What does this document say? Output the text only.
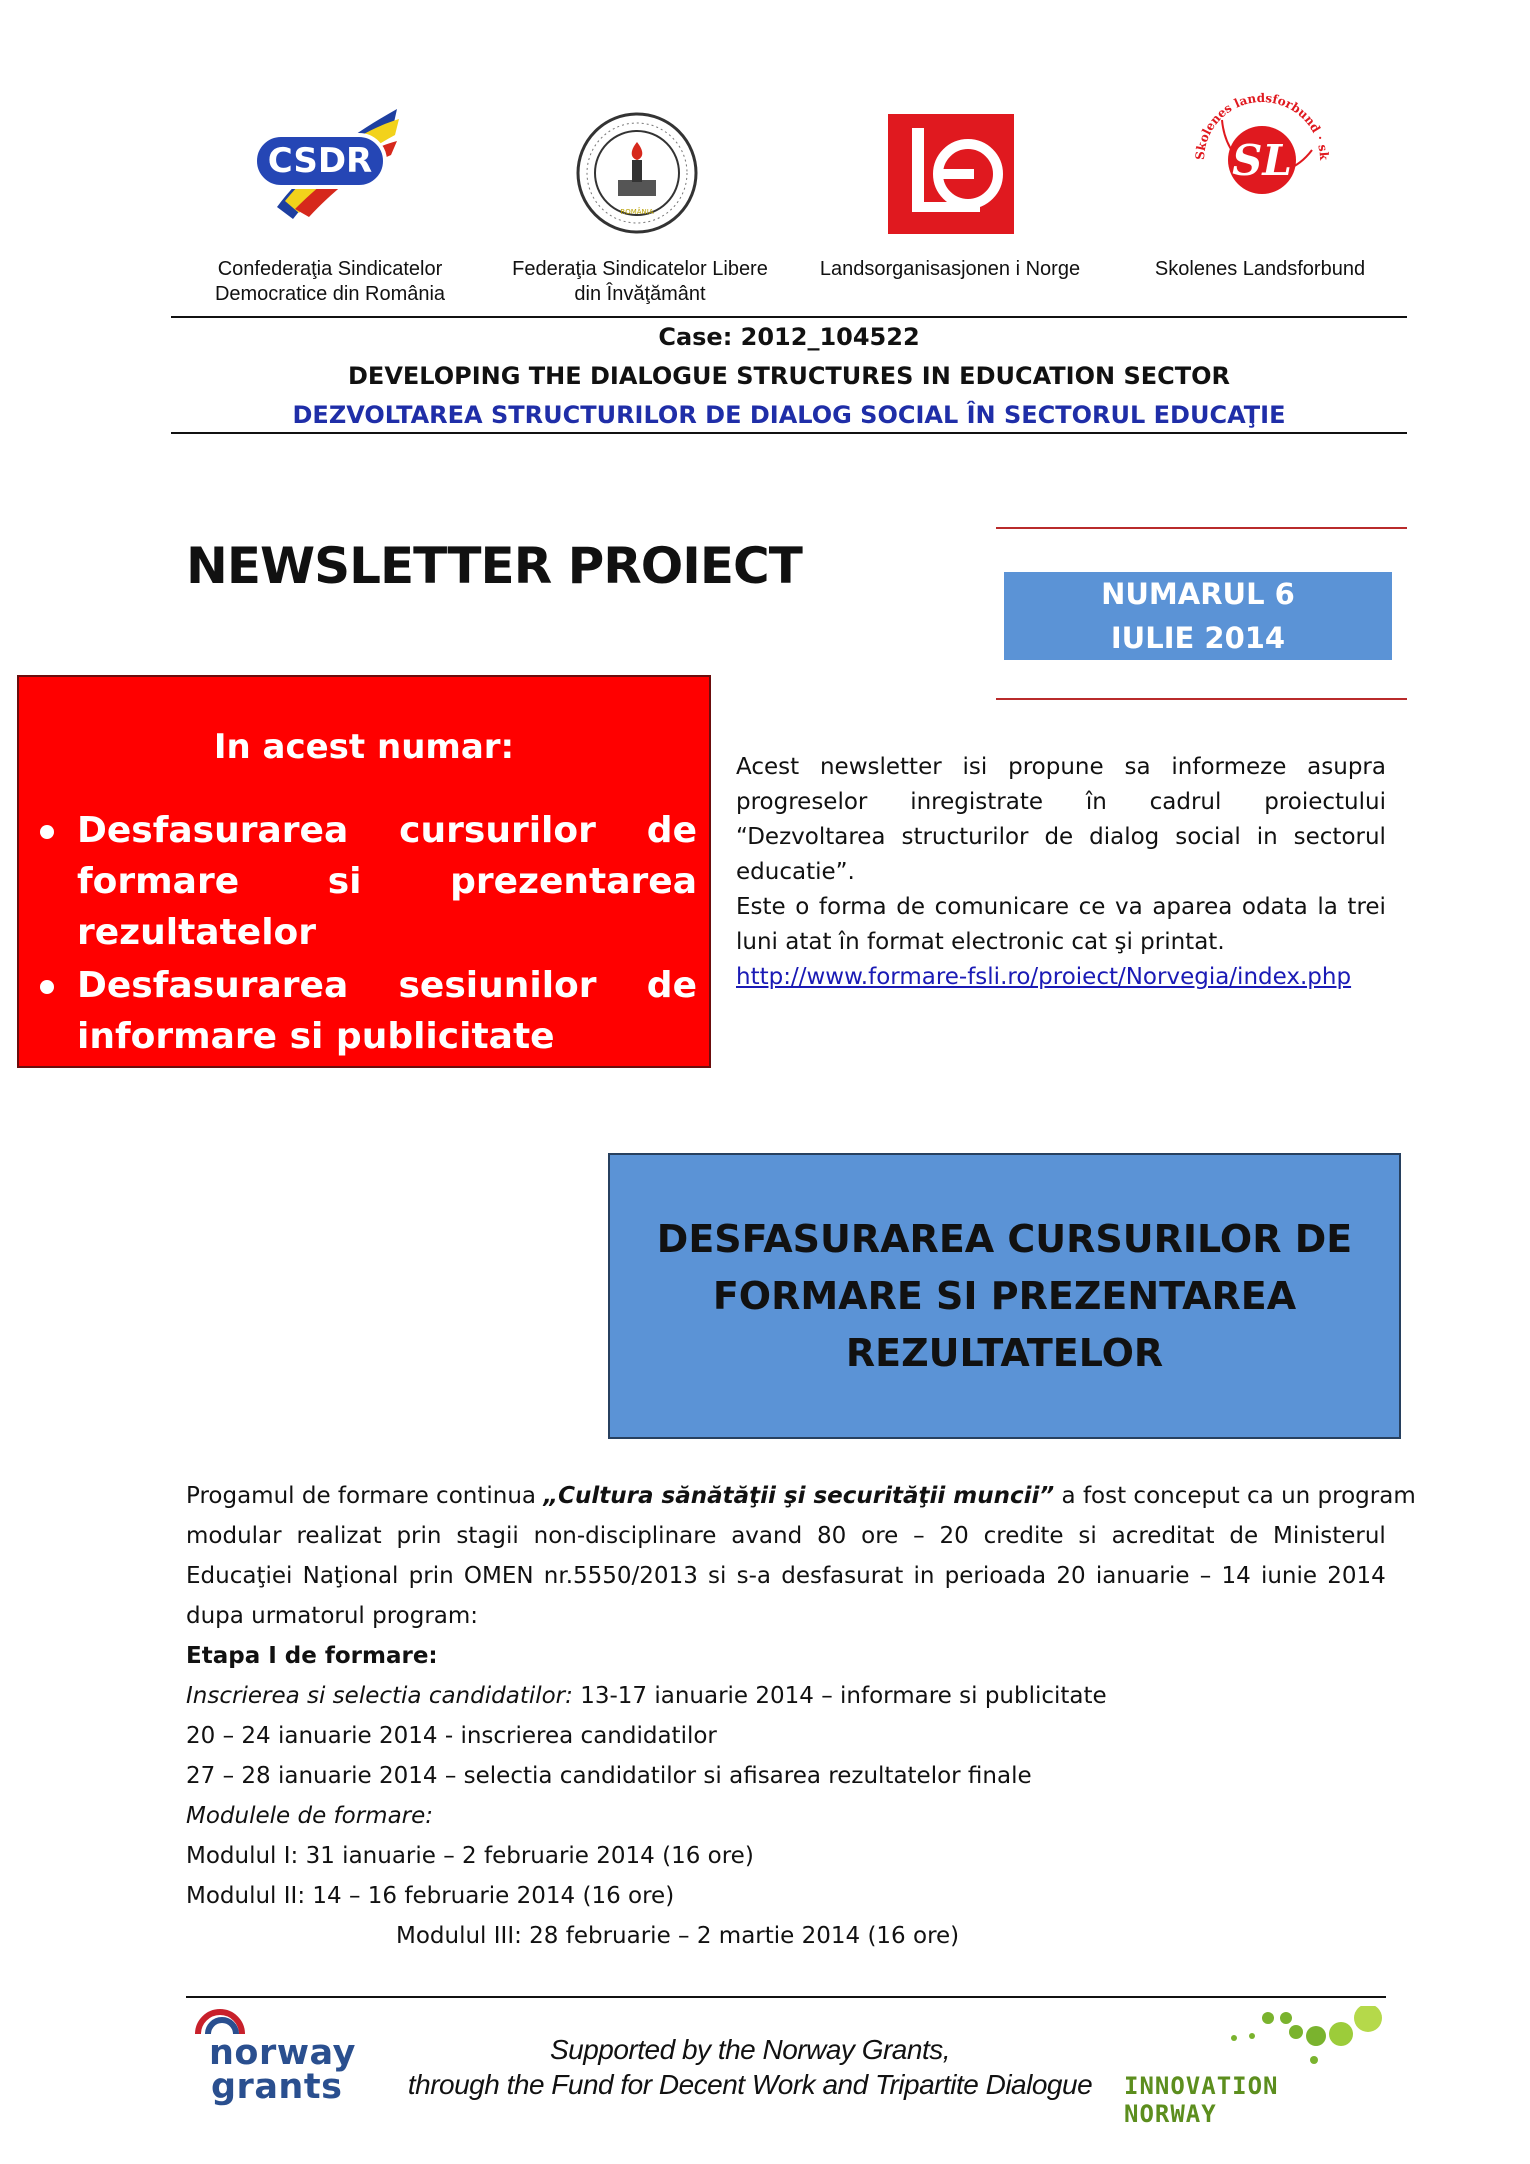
CSDR
ROMÂNIA
SL
Skolenes landsforbund · sk
Confederaţia Sindicatelor
Democratice din România
Federaţia Sindicatelor Libere
din Învăţământ
Landsorganisasjonen i Norge	Skolenes Landsforbund
Case: 2012_104522
DEVELOPING THE DIALOGUE STRUCTURES IN EDUCATION SECTOR
DEZVOLTAREA STRUCTURILOR DE DIALOG SOCIAL ÎN SECTORUL EDUCAŢIE
NEWSLETTER PROIECT	NUMARUL 6
IULIE 2014
In acest numar:
Desfasurarea cursurilor de
formare si prezentarea
rezultatelor
Desfasurarea sesiunilor de
informare si publicitate
Acest newsletter isi propune sa informeze asupra
progreselor inregistrate în cadrul proiectului
“Dezvoltarea structurilor de dialog social in sectorul
educatie”.
Este o forma de comunicare ce va aparea odata la trei
luni atat în format electronic cat şi printat.
http://www.formare-fsli.ro/proiect/Norvegia/index.php
DESFASURAREA CURSURILOR DE
FORMARE SI PREZENTAREA
REZULTATELOR
Progamul de formare continua „Cultura sănătăţii şi securităţii muncii” a fost conceput ca un program
modular realizat prin stagii non-disciplinare avand 80 ore – 20 credite si acreditat de Ministerul
Educaţiei Naţional prin OMEN nr.5550/2013 si s-a desfasurat in perioada 20 ianuarie – 14 iunie 2014
dupa urmatorul program:
Etapa I de formare:
Inscrierea si selectia candidatilor: 13-17 ianuarie 2014 – informare si publicitate
20 – 24 ianuarie 2014 - inscrierea candidatilor
27 – 28 ianuarie 2014 – selectia candidatilor si afisarea rezultatelor finale
Modulele de formare:
Modulul I: 31 ianuarie – 2 februarie 2014 (16 ore)
Modulul II: 14 – 16 februarie 2014 (16 ore)
Modulul III: 28 februarie – 2 martie 2014 (16 ore)
norway
grants
Supported by the Norway Grants,
through the Fund for Decent Work and Tripartite Dialogue	INNOVATION
NORWAY
